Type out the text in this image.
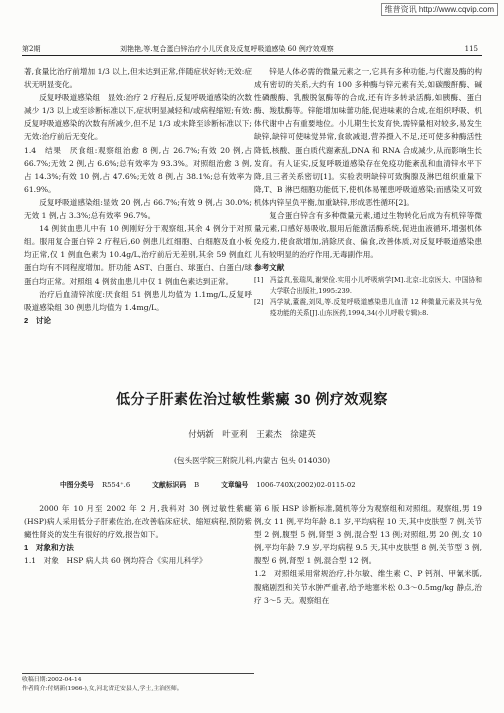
维普资讯 http://www.cqvip.com
第2期	刘艳艳,等.复合蛋白锌治疗小儿厌食及反复呼吸道感染 60 例疗效观察	115

著,食量比治疗前增加 1/3 以上,但未达到正常,伴随症状好转;无效:症状无明显变化。

反复呼吸道感染组　显效:治疗 2 疗程后,反复呼吸道感染的次数减少 1/3 以上或至诊断标准以下,症状明显减轻和/或病程缩短;有效:反复呼吸道感染的次数有所减少,但不足 1/3 或未降至诊断标准以下;无效:治疗前后无变化。

1.4　结果　厌食组:观察组治愈 8 例,占 26.7%;有效 20 例,占 66.7%;无效 2 例,占 6.6%;总有效率为 93.3%。对照组治愈 3 例,占 14.3%;有效 10 例,占 47.6%;无效 8 例,占 38.1%;总有效率为 61.9%。

反复呼吸道感染组:显效 20 例,占 66.7%;有效 9 例,占 30.0%;无效 1 例,占 3.3%;总有效率 96.7%。

14 例贫血患儿中有 10 例刚好分于观察组,其余 4 例分于对照组。服用复合蛋白锌 2 疗程后,60 例患儿红细胞、白细胞及血小板均正常,仅 1 例血色素为 10.4g/L,治疗前后无差别,其余 59 例血红蛋白均有不同程度增加。肝功能 AST、白蛋白、球蛋白、白蛋白/球蛋白均正常。对照组 4 例贫血患儿中仅 1 例血色素达到正常。

治疗后血清锌浓度:厌食组 51 例患儿均值为 1.1mg/L,反复呼吸道感染组 30 例患儿均值为 1.4mg/L。

2　讨论

锌是人体必需的微量元素之一,它具有多种功能,与代谢及酶的构成有密切的关系,大约有 100 多种酶与锌元素有关,如碳酸酐酶、碱性磷酸酶、乳酸脱氢酶等的合成,还有许多转录活酶,如胰酶、蛋白酶、羧肽酶等。锌能增加味蕾功能,促进味素的合成,在组织呼吸、机体代谢中占有重要地位。小儿期生长发育快,需锌量相对较多,易发生缺锌,缺锌可使味觉异常,食欲减退,营养摄入不足,还可使多种酶活性降低,核酸、蛋白质代谢紊乱,DNA 和 RNA 合成减少,从而影响生长发育。有人证实,反复呼吸道感染存在免疫功能紊乱和血清锌水平下降,且三者关系密切[1]。实验表明缺锌可致胸腺及淋巴组织重量下降,T、B 淋巴细胞功能低下,使机体易罹患呼吸道感染;而感染又可致机体内锌呈负平衡,加重缺锌,形成恶性循环[2]。

复合蛋白锌含有多种微量元素,通过生物转化后成为有机锌等微量元素,口感好易吸收,服用后能激活酶系统,促进血液循环,增强机体免疫力,使食欲增加,消除厌食、偏食,改善体质,对反复呼吸道感染患儿有较明显的治疗作用,无毒副作用。

参考文献

[1]	冯益真,张瑞凤,谢荣俭.实用小儿呼吸病学[M].北京:北京医大、中国协和大学联合出版社,1995:239.
[2]	冯学斌,董震,刘凤,等.反复呼吸道感染患儿血清 12 种微量元素及其与免疫功能的关系[J].山东医药,1994,34(小儿呼吸专辑):8.
低分子肝素佐治过敏性紫癜 30 例疗效观察
付炳新　叶亚利　王素杰　徐建英
(包头医学院三附院儿科,内蒙古 包头 014030)
中图分类号 R554⁺.6	文献标识码 B	文章编号 1006-740X(2002)02-0115-02

2000 年 10 月至 2002 年 2 月,我科对 30 例过敏性紫癜(HSP)病人采用低分子肝素佐治,在改善临床症状、缩短病程,预防紫癜性肾炎的发生有很好的疗效,报告如下。

1　对象和方法

1.1　对象　HSP 病人共 60 例均符合《实用儿科学》

第 6 版 HSP 诊断标准,随机等分为观察组和对照组。观察组,男 19 例,女 11 例,平均年龄 8.1 岁,平均病程 10 天,其中皮肤型 7 例,关节型 2 例,腹型 5 例,肾型 3 例,混合型 13 例;对照组,男 20 例,女 10 例,平均年龄 7.9 岁,平均病程 9.5 天,其中皮肤型 8 例,关节型 3 例,腹型 6 例,肾型 1 例,混合型 12 例。

1.2　对照组采用常规治疗,扑尔敏、维生素 C、P 钙剂、甲氰米胍,腹痛剧烈和关节水肿严重者,给予地塞米松 0.3～0.5mg/kg 静点,治疗 3～5 天。观察组在

收稿日期:2002-04-14
作者简介:付炳新(1966-),女,河北省迁安县人,学士,主治医师。
